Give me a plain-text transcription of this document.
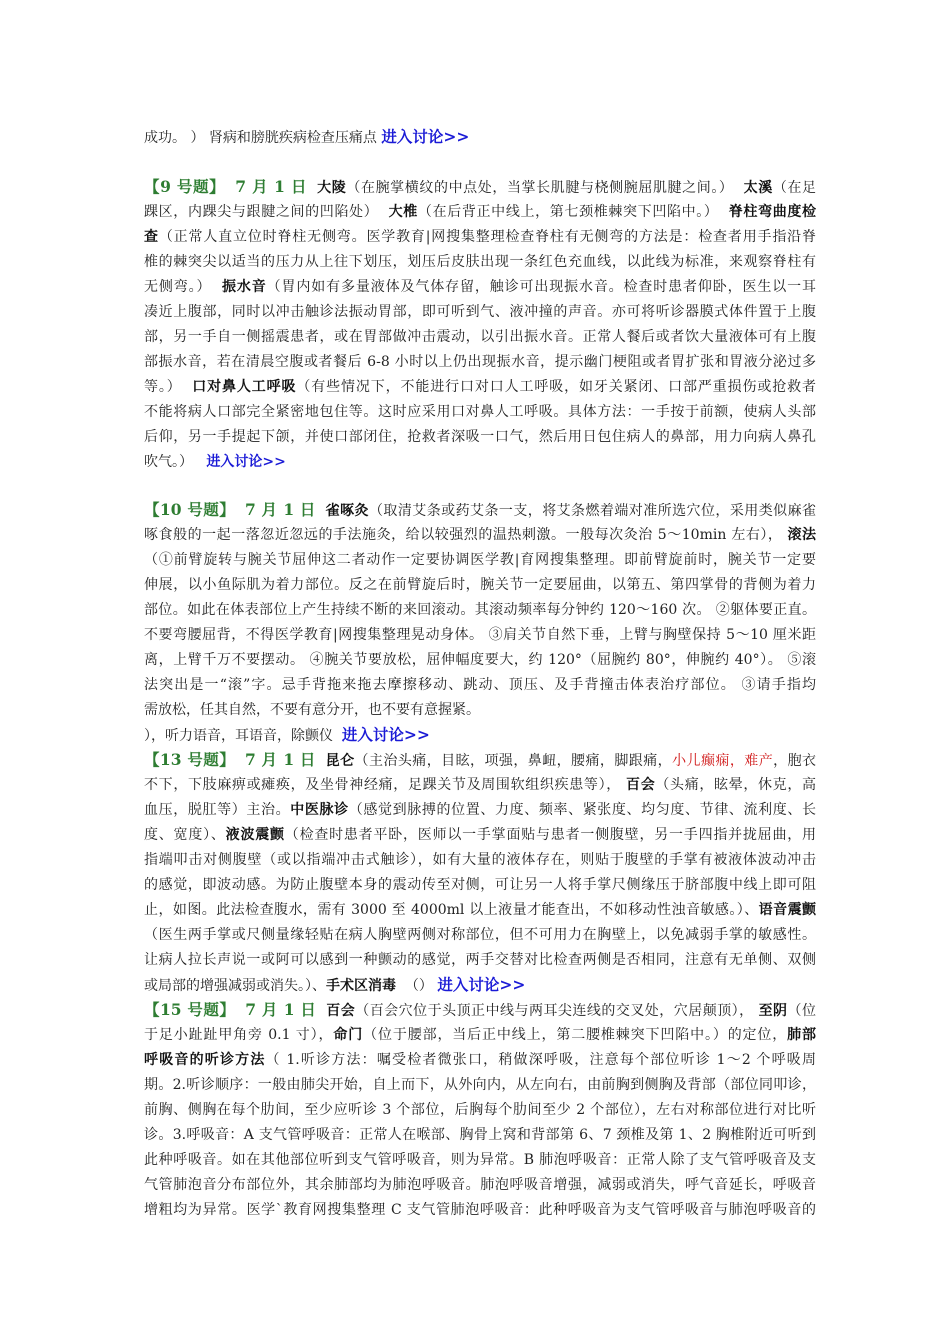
成功。 ） 肾病和膀胱疾病检查压痛点 进入讨论>>
【9 号题】 7 月 1 日 大陵（在腕掌横纹的中点处，当掌长肌腱与桡侧腕屈肌腱之间。） 太溪（在足
踝区，内踝尖与跟腱之间的凹陷处） 大椎（在后背正中线上，第七颈椎棘突下凹陷中。） 脊柱弯曲度检
查（正常人直立位时脊柱无侧弯。医学教育|网搜集整理检查脊柱有无侧弯的方法是：检查者用手指沿脊
椎的棘突尖以适当的压力从上往下划压，划压后皮肤出现一条红色充血线，以此线为标准，来观察脊柱有
无侧弯。） 振水音（胃内如有多量液体及气体存留，触诊可出现振水音。检查时患者仰卧，医生以一耳
凑近上腹部，同时以冲击触诊法振动胃部，即可听到气、液冲撞的声音。亦可将听诊器膜式体件置于上腹
部，另一手自一侧摇震患者，或在胃部做冲击震动，以引出振水音。正常人餐后或者饮大量液体可有上腹
部振水音，若在清晨空腹或者餐后 6-8 小时以上仍出现振水音，提示幽门梗阻或者胃扩张和胃液分泌过多
等。） 口对鼻人工呼吸（有些情况下，不能进行口对口人工呼吸，如牙关紧闭、口部严重损伤或抢救者
不能将病人口部完全紧密地包住等。这时应采用口对鼻人工呼吸。具体方法：一手按于前额，使病人头部
后仰，另一手提起下颌，并使口部闭住，抢救者深吸一口气，然后用日包住病人的鼻部，用力向病人鼻孔
吹气。） 进入讨论>>
【10 号题】 7 月 1 日 雀啄灸（取清艾条或药艾条一支，将艾条燃着端对准所选穴位，采用类似麻雀
啄食般的一起一落忽近忽远的手法施灸，给以较强烈的温热刺激。一般每次灸治 5～10min 左右）， 滚法
（①前臂旋转与腕关节屈伸这二者动作一定要协调医学教|育网搜集整理。即前臂旋前时，腕关节一定要
伸展，以小鱼际肌为着力部位。反之在前臂旋后时，腕关节一定要屈曲，以第五、第四掌骨的背侧为着力
部位。如此在体表部位上产生持续不断的来回滚动。其滚动频率每分钟约 120～160 次。 ②躯体要正直。
不要弯腰屈背，不得医学教育|网搜集整理晃动身体。 ③肩关节自然下垂，上臂与胸壁保持 5～10 厘米距
离，上臂千万不要摆动。 ④腕关节要放松，屈伸幅度要大，约 120°（屈腕约 80°，伸腕约 40°）。 ⑤滚
法突出是一“滚”字。忌手背拖来拖去摩擦移动、跳动、顶压、及手背撞击体表治疗部位。 ③请手指均
需放松，任其自然，不要有意分开，也不要有意握紧。
），听力语音，耳语音，除颤仪 进入讨论>>
【13 号题】 7 月 1 日 昆仑（主治头痛，目眩，项强，鼻衄，腰痛，脚跟痛，小儿癫痫，难产，胞衣
不下，下肢麻痹或瘫痪，及坐骨神经痛，足踝关节及周围软组织疾患等）， 百会（头痛，眩晕，休克，高
血压，脱肛等）主治。中医脉诊（感觉到脉搏的位置、力度、频率、紧张度、均匀度、节律、流利度、长
度、宽度）、液波震颤（检查时患者平卧，医师以一手掌面贴与患者一侧腹壁，另一手四指并拢屈曲，用
指端叩击对侧腹壁（或以指端冲击式触诊），如有大量的液体存在，则贴于腹壁的手掌有被液体波动冲击
的感觉，即波动感。为防止腹壁本身的震动传至对侧，可让另一人将手掌尺侧缘压于脐部腹中线上即可阻
止，如图。此法检查腹水，需有 3000 至 4000ml 以上液量才能查出，不如移动性浊音敏感。）、语音震颤
（医生两手掌或尺侧量缘轻贴在病人胸壁两侧对称部位，但不可用力在胸壁上，以免减弱手掌的敏感性。
让病人拉长声说一或阿可以感到一种颤动的感觉，两手交替对比检查两侧是否相同，注意有无单侧、双侧
或局部的增强减弱或消失。）、手术区消毒 （） 进入讨论>>
【15 号题】 7 月 1 日 百会（百会穴位于头顶正中线与两耳尖连线的交叉处，穴居颠顶）， 至阴（位
于足小趾趾甲角旁 0.1 寸），命门（位于腰部，当后正中线上，第二腰椎棘突下凹陷中。）的定位，肺部
呼吸音的听诊方法（ 1.听诊方法：嘱受检者微张口，稍做深呼吸，注意每个部位听诊 1～2 个呼吸周
期。2.听诊顺序：一般由肺尖开始，自上而下，从外向内，从左向右，由前胸到侧胸及背部（部位同叩诊，
前胸、侧胸在每个肋间，至少应听诊 3 个部位，后胸每个肋间至少 2 个部位），左右对称部位进行对比听
诊。3.呼吸音：A 支气管呼吸音：正常人在喉部、胸骨上窝和背部第 6、7 颈椎及第 1、2 胸椎附近可听到
此种呼吸音。如在其他部位听到支气管呼吸音，则为异常。B 肺泡呼吸音：正常人除了支气管呼吸音及支
气管肺泡音分布部位外，其余肺部均为肺泡呼吸音。肺泡呼吸音增强，减弱或消失，呼气音延长，呼吸音
增粗均为异常。医学`教育网搜集整理 C 支气管肺泡呼吸音：此种呼吸音为支气管呼吸音与肺泡呼吸音的
